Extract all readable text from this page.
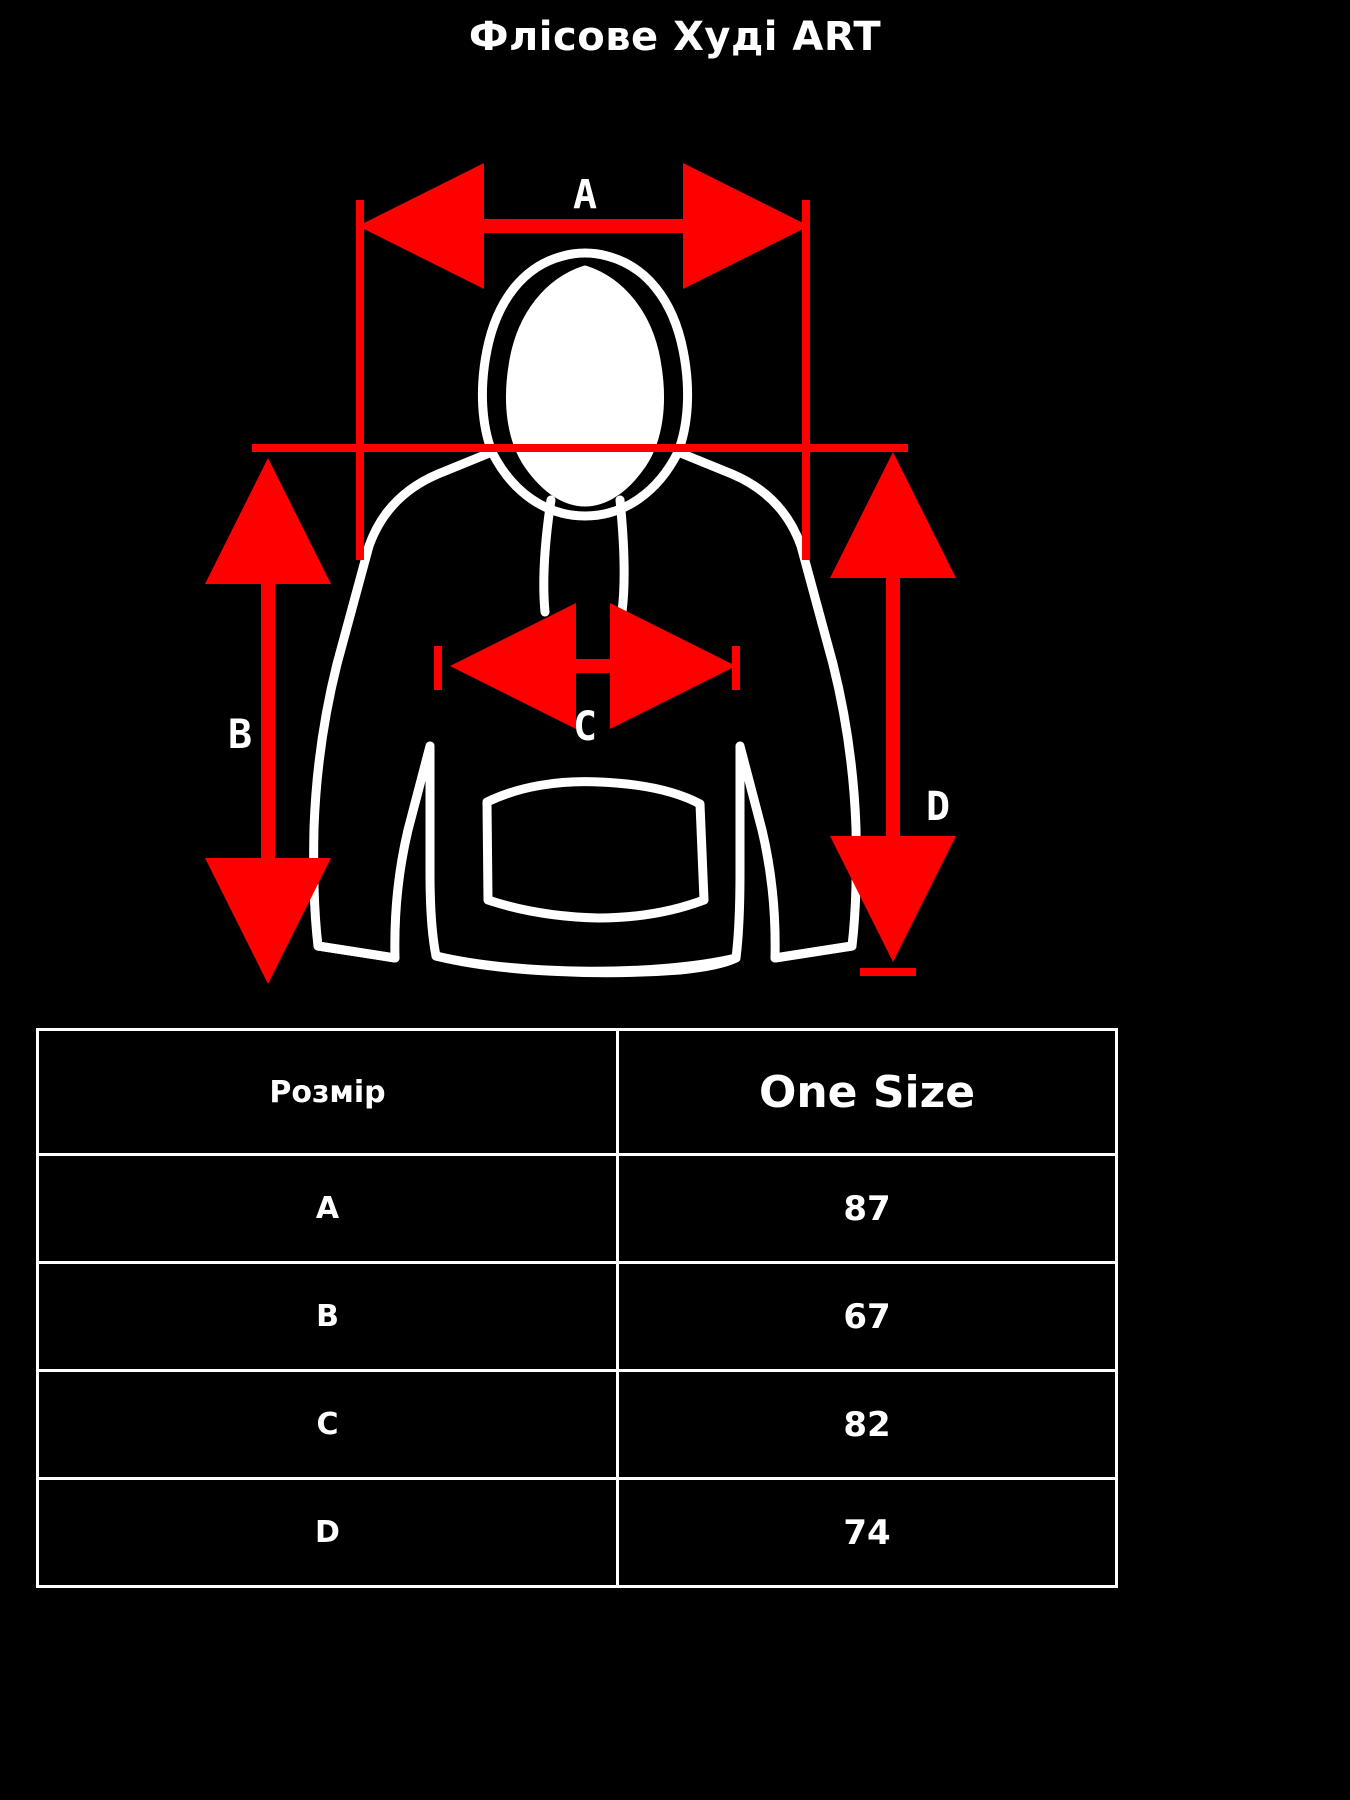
Флісове Худі ART
A
B	C
D
Розмір	One Size
A	87
B	67
C	82
D	74
